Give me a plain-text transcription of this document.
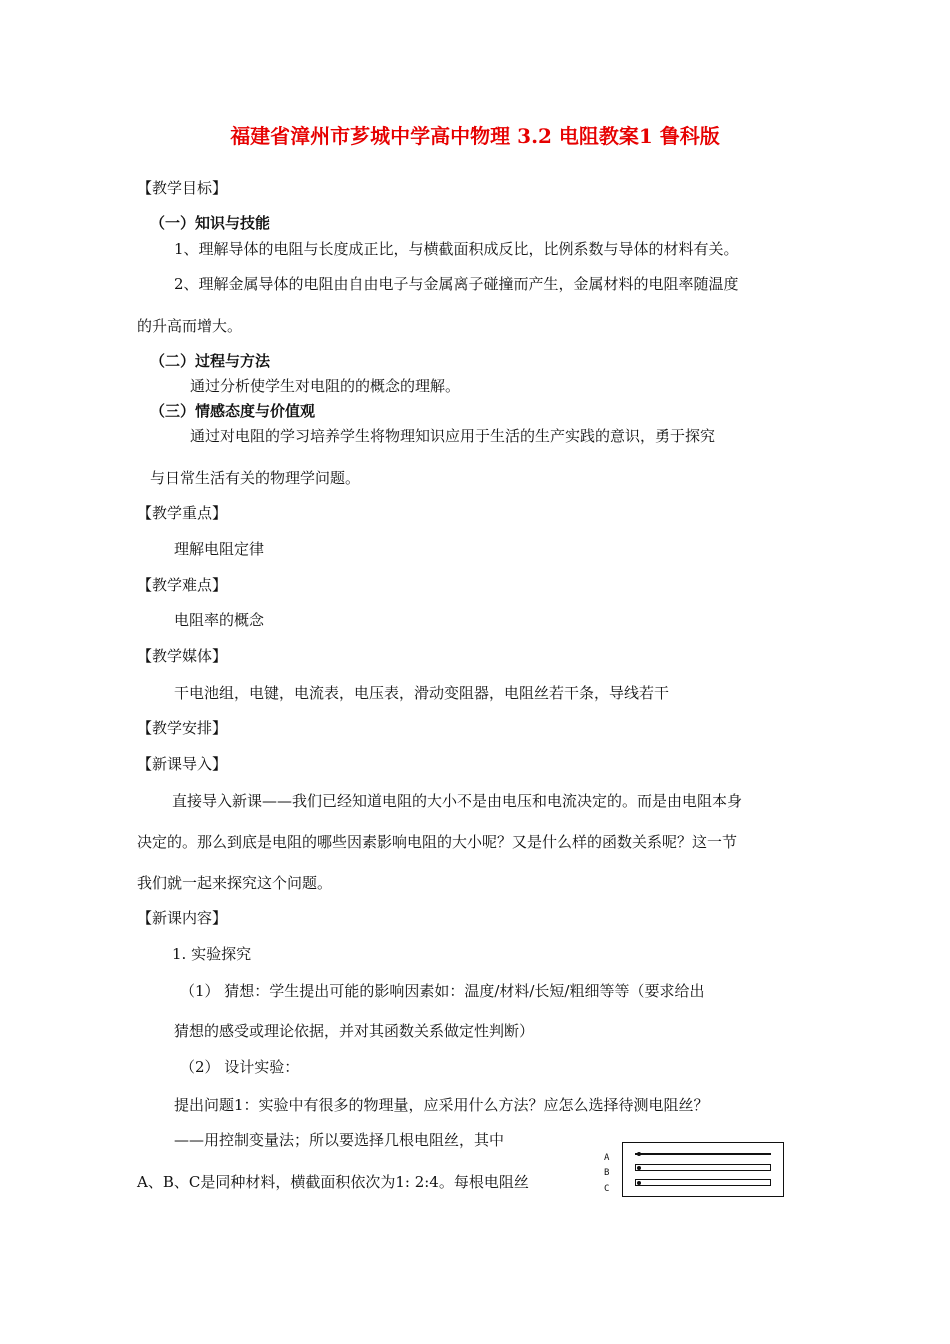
福建省漳州市芗城中学高中物理 3.2 电阻教案1 鲁科版
【教学目标】
（一）知识与技能
1、理解导体的电阻与长度成正比，与横截面积成反比，比例系数与导体的材料有关。
2、理解金属导体的电阻由自由电子与金属离子碰撞而产生，金属材料的电阻率随温度
的升高而增大。
（二）过程与方法
通过分析使学生对电阻的的概念的理解。
（三）情感态度与价值观
通过对电阻的学习培养学生将物理知识应用于生活的生产实践的意识，勇于探究
与日常生活有关的物理学问题。
【教学重点】
理解电阻定律
【教学难点】
电阻率的概念
【教学媒体】
干电池组，电键，电流表，电压表，滑动变阻器，电阻丝若干条，导线若干
【教学安排】
【新课导入】
直接导入新课——我们已经知道电阻的大小不是由电压和电流决定的。而是由电阻本身
决定的。那么到底是电阻的哪些因素影响电阻的大小呢？又是什么样的函数关系呢？这一节
我们就一起来探究这个问题。
【新课内容】
1. 实验探究
（1） 猜想：学生提出可能的影响因素如：温度/材料/长短/粗细等等（要求给出
猜想的感受或理论依据，并对其函数关系做定性判断）
（2） 设计实验：
提出问题1：实验中有很多的物理量，应采用什么方法？应怎么选择待测电阻丝？
——用控制变量法；所以要选择几根电阻丝，其中
A、B、C是同种材料，横截面积依次为1: 2:4。每根电阻丝
A
B
C
